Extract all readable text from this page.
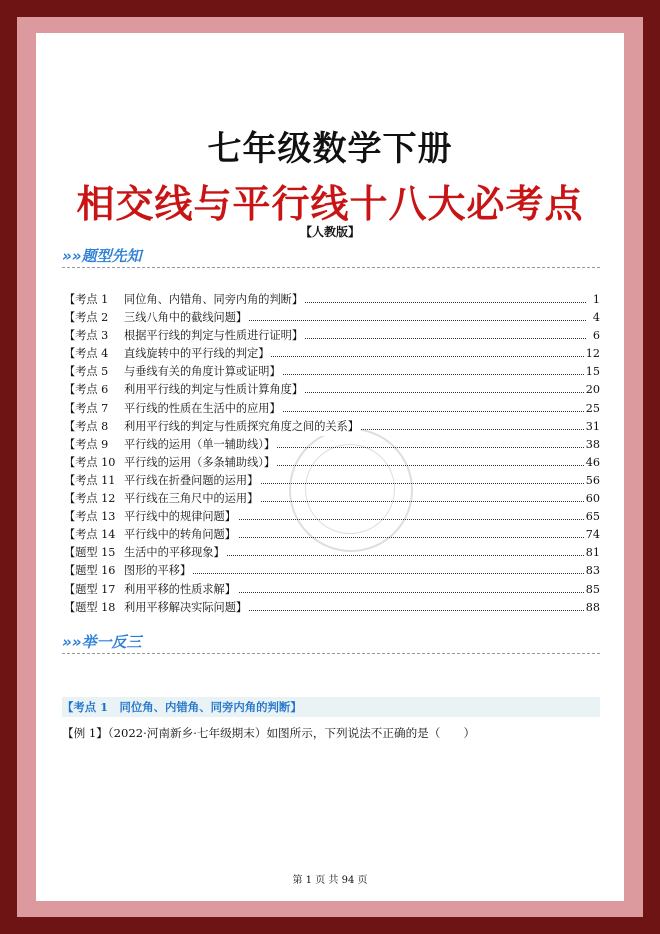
七年级数学下册
相交线与平行线十八大必考点
【人教版】
»»题型先知
【考点 1	同位角、内错角、同旁内角的判断】	1
【考点 2	三线八角中的截线问题】	4
【考点 3	根据平行线的判定与性质进行证明】	6
【考点 4	直线旋转中的平行线的判定】	12
【考点 5	与垂线有关的角度计算或证明】	15
【考点 6	利用平行线的判定与性质计算角度】	20
【考点 7	平行线的性质在生活中的应用】	25
【考点 8	利用平行线的判定与性质探究角度之间的关系】	31
【考点 9	平行线的运用（单一辅助线）】	38
【考点 10 平行线的运用（多条辅助线）】	46
【考点 11 平行线在折叠问题的运用】	56
【考点 12 平行线在三角尺中的运用】	60
【考点 13 平行线中的规律问题】	65
【考点 14 平行线中的转角问题】	74
【题型 15 生活中的平移现象】	81
【题型 16 图形的平移】	83
【题型 17 利用平移的性质求解】	85
【题型 18 利用平移解决实际问题】	88
»»举一反三
【考点 1　同位角、内错角、同旁内角的判断】
【例 1】（2022·河南新乡·七年级期末）如图所示，下列说法不正确的是（　　）
第 1 页 共 94 页
